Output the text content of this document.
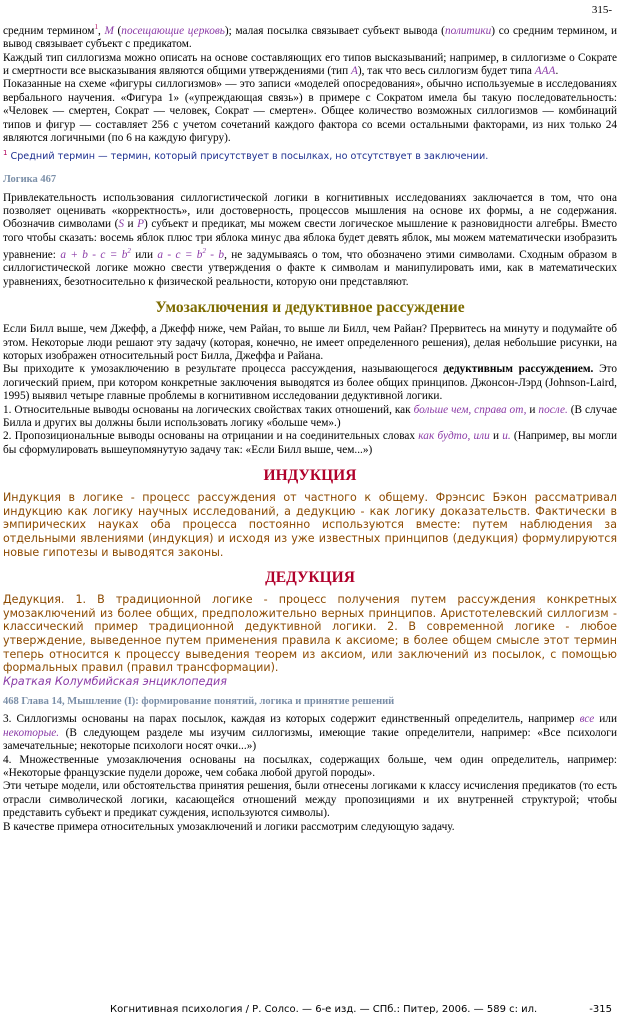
315-

средним термином$^1$, M (посещающие церковь); малая посылка связывает субъект вывода (политики) со средним термином, и вывод связывает субъект с предикатом.

Каждый тип силлогизма можно описать на основе составляющих его типов высказываний; например, в силлогизме о Сократе и смертности все высказывания являются общими утверждениями (тип А), так что весь силлогизм будет типа ААА.

Показанные на схеме «фигуры силлогизмов» — это записи «моделей опосредования», обычно используемые в исследованиях вербального научения. «Фигура 1» («упреждающая связь») в примере с Сократом имела бы такую последовательность: «Человек — смертен, Сократ — человек, Сократ — смертен». Общее количество возможных силлогизмов — комбинаций типов и фигур — составляет 256 с учетом сочетаний каждого фактора со всеми остальными факторами, из них только 24 являются логичными (по 6 на каждую фигуру).

$^1$ Средний термин — термин, который присутствует в посылках, но отсутствует в заключении.

Логика 467

Привлекательность использования силлогистической логики в когнитивных исследованиях заключается в том, что она позволяет оценивать «корректность», или достоверность, процессов мышления на основе их формы, а не содержания. Обозначив символами (S и P) субъект и предикат, мы можем свести логическое мышление к разновидности алгебры. Вместо того чтобы сказать: восемь яблок плюс три яблока минус два яблока будет девять яблок, мы можем математически изобразить уравнение: $a + b - c = b^2$ или $a - c = b^2 - b$, не задумываясь о том, что обозначено этими символами. Сходным образом в силлогистической логике можно свести утверждения о факте к символам и манипулировать ими, как в математических уравнениях, безотносительно к физической реальности, которую они представляют.

Умозаключения и дедуктивное рассуждение

Если Билл выше, чем Джефф, а Джефф ниже, чем Райан, то выше ли Билл, чем Райан? Прервитесь на минуту и подумайте об этом. Некоторые люди решают эту задачу (которая, конечно, не имеет определенного решения), делая небольшие рисунки, на которых изображен относительный рост Билла, Джеффа и Райана.

Вы приходите к умозаключению в результате процесса рассуждения, называющегося дедуктивным рассуждением. Это логический прием, при котором конкретные заключения выводятся из более общих принципов. Джонсон-Лэрд (Johnson-Laird, 1995) выявил четыре главные проблемы в когнитивном исследовании дедуктивной логики.

1. Относительные выводы основаны на логических свойствах таких отношений, как больше чем, справа от, и после. (В случае Билла и других вы должны были использовать логику «больше чем».)

2. Пропозициональные выводы основаны на отрицании и на соединительных словах как будто, или и и. (Например, вы могли бы сформулировать вышеупомянутую задачу так: «Если Билл выше, чем...»)

ИНДУКЦИЯ

Индукция в логике - процесс рассуждения от частного к общему. Фрэнсис Бэкон рассматривал индукцию как логику научных исследований, а дедукцию - как логику доказательств. Фактически в эмпирических науках оба процесса постоянно используются вместе: путем наблюдения за отдельными явлениями (индукция) и исходя из уже известных принципов (дедукция) формулируются новые гипотезы и выводятся законы.

ДЕДУКЦИЯ

Дедукция. 1. В традиционной логике - процесс получения путем рассуждения конкретных умозаключений из более общих, предположительно верных принципов. Аристотелевский силлогизм - классический пример традиционной дедуктивной логики. 2. В современной логике - любое утверждение, выведенное путем применения правила к аксиоме; в более общем смысле этот термин теперь относится к процессу выведения теорем из аксиом, или заключений из посылок, с помощью формальных правил (правил трансформации).

Краткая Колумбийская энциклопедия

468 Глава 14, Мышление (I): формирование понятий, логика и принятие решений

3. Силлогизмы основаны на парах посылок, каждая из которых содержит единственный определитель, например все или некоторые. (В следующем разделе мы изучим силлогизмы, имеющие такие определители, например: «Все психологи замечательные; некоторые психологи носят очки...»)

4. Множественные умозаключения основаны на посылках, содержащих больше, чем один определитель, например: «Некоторые французские пудели дороже, чем собака любой другой породы».

Эти четыре модели, или обстоятельства принятия решения, были отнесены логиками к классу исчисления предикатов (то есть отрасли символической логики, касающейся отношений между пропозициями и их внутренней структурой; чтобы представить субъект и предикат суждения, используются символы).

В качестве примера относительных умозаключений и логики рассмотрим следующую задачу.

Когнитивная психология / Р. Солсо. — 6-е изд. — СПб.: Питер, 2006. — 589 с: ил.	-315
